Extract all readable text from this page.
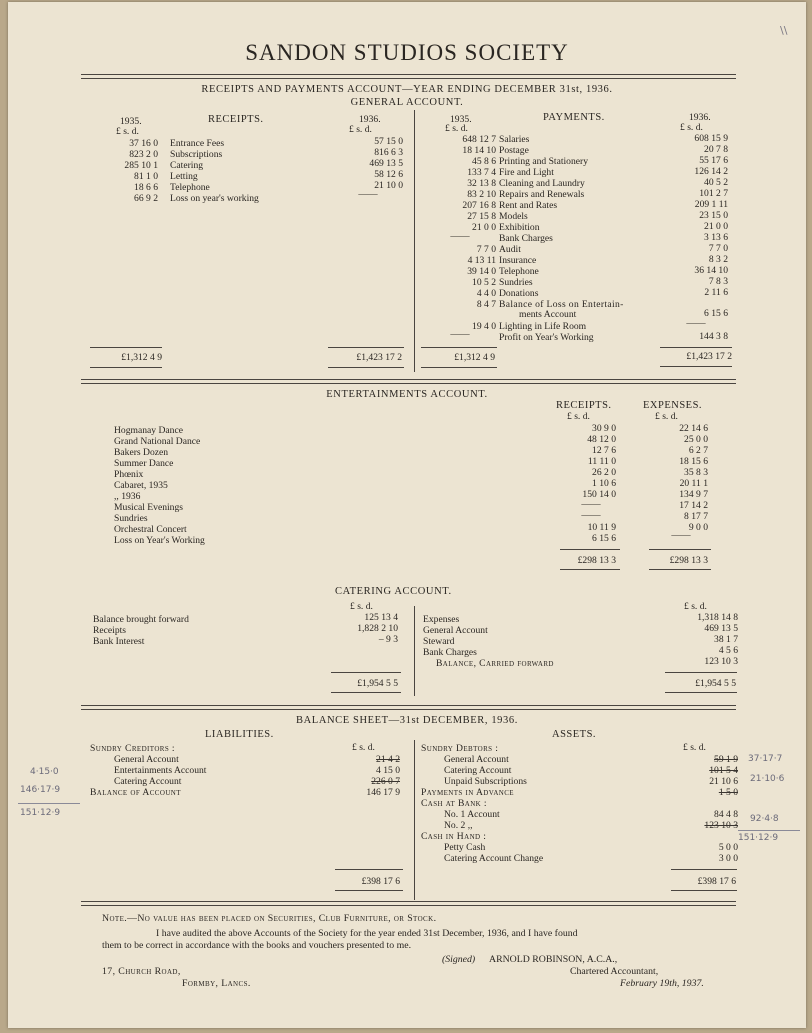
\\
SANDON STUDIOS SOCIETY
RECEIPTS AND PAYMENTS ACCOUNT—YEAR ENDING DECEMBER 31st, 1936.
GENERAL ACCOUNT.
1935.	RECEIPTS.	1936.
£ s. d.	£ s. d.
1935.	PAYMENTS.	1936.
£ s. d.	£ s. d.
37 16 0 Entrance Fees	57 15 0
823 2 0 Subscriptions	816 6 3
285 10 1 Catering	469 13 5
81 1 0 Letting	58 12 6
18 6 6 Telephone	21 10 0
66 9 2 Loss on year's working	——
648 12 7 Salaries	608 15 9
18 14 10 Postage	20 7 8
45 8 6 Printing and Stationery	55 17 6
133 7 4 Fire and Light	126 14 2
32 13 8 Cleaning and Laundry	40 5 2
83 2 10 Repairs and Renewals	101 2 7
207 16 8 Rent and Rates	209 1 11
27 15 8 Models	23 15 0
21 0 0 Exhibition	21 0 0
——	Bank Charges	3 13 6
7 7 0 Audit	7 7 0
4 13 11 Insurance	8 3 2
39 14 0 Telephone	36 14 10
10 5 2 Sundries	7 8 3
4 4 0 Donations	2 11 6
8 4 7 Balance of Loss on Entertain-
ments Account	6 15 6
19 4 0 Lighting in Life Room	——
——	Profit on Year's Working	144 3 8
£1,312 4 9	£1,423 17 2	£1,312 4 9	£1,423 17 2
ENTERTAINMENTS ACCOUNT.
RECEIPTS.	EXPENSES.
£ s. d.	£ s. d.
Hogmanay Dance	30 9 0	22 14 6
Grand National Dance	48 12 0	25 0 0
Bakers Dozen	12 7 6	6 2 7
Summer Dance	11 11 0	18 15 6
Phœnix	26 2 0	35 8 3
Cabaret, 1935	1 10 6	20 11 1
,, 1936	150 14 0	134 9 7
Musical Evenings	——	17 14 2
Sundries	——	8 17 7
Orchestral Concert	10 11 9	9 0 0
Loss on Year's Working	6 15 6	——
£298 13 3	£298 13 3
CATERING ACCOUNT.
£ s. d.	£ s. d.
Balance brought forward	125 13 4
Receipts	1,828 2 10
Bank Interest	– 9 3
Expenses	1,318 14 8
General Account	469 13 5
Steward	38 1 7
Bank Charges	4 5 6
Balance, Carried forward	123 10 3
£1,954 5 5	£1,954 5 5
BALANCE SHEET—31st DECEMBER, 1936.
LIABILITIES.	ASSETS.
£ s. d.	£ s. d.
Sundry Creditors :
General Account	21 4 2
Entertainments Account	4 15 0
Catering Account	226 0 7
Balance of Account	146 17 9
Sundry Debtors :
General Account	59 1 9
Catering Account	101 5 4
Unpaid Subscriptions	21 10 6
Payments in Advance	1 5 0
Cash at Bank :
No. 1 Account	84 4 8
No. 2 ,,	123 10 3
Cash in Hand :
Petty Cash	5 0 0
Catering Account Change	3 0 0
£398 17 6	£398 17 6
4·15·0
146·17·9
151·12·9
37·17·7
21·10·6
92·4·8
151·12·9
Note.—No value has been placed on Securities, Club Furniture, or Stock.
I have audited the above Accounts of the Society for the year ended 31st December, 1936, and I have found
them to be correct in accordance with the books and vouchers presented to me.
(Signed) ARNOLD ROBINSON, A.C.A.,
Chartered Accountant,
17, Church Road,
Formby, Lancs.	February 19th, 1937.
